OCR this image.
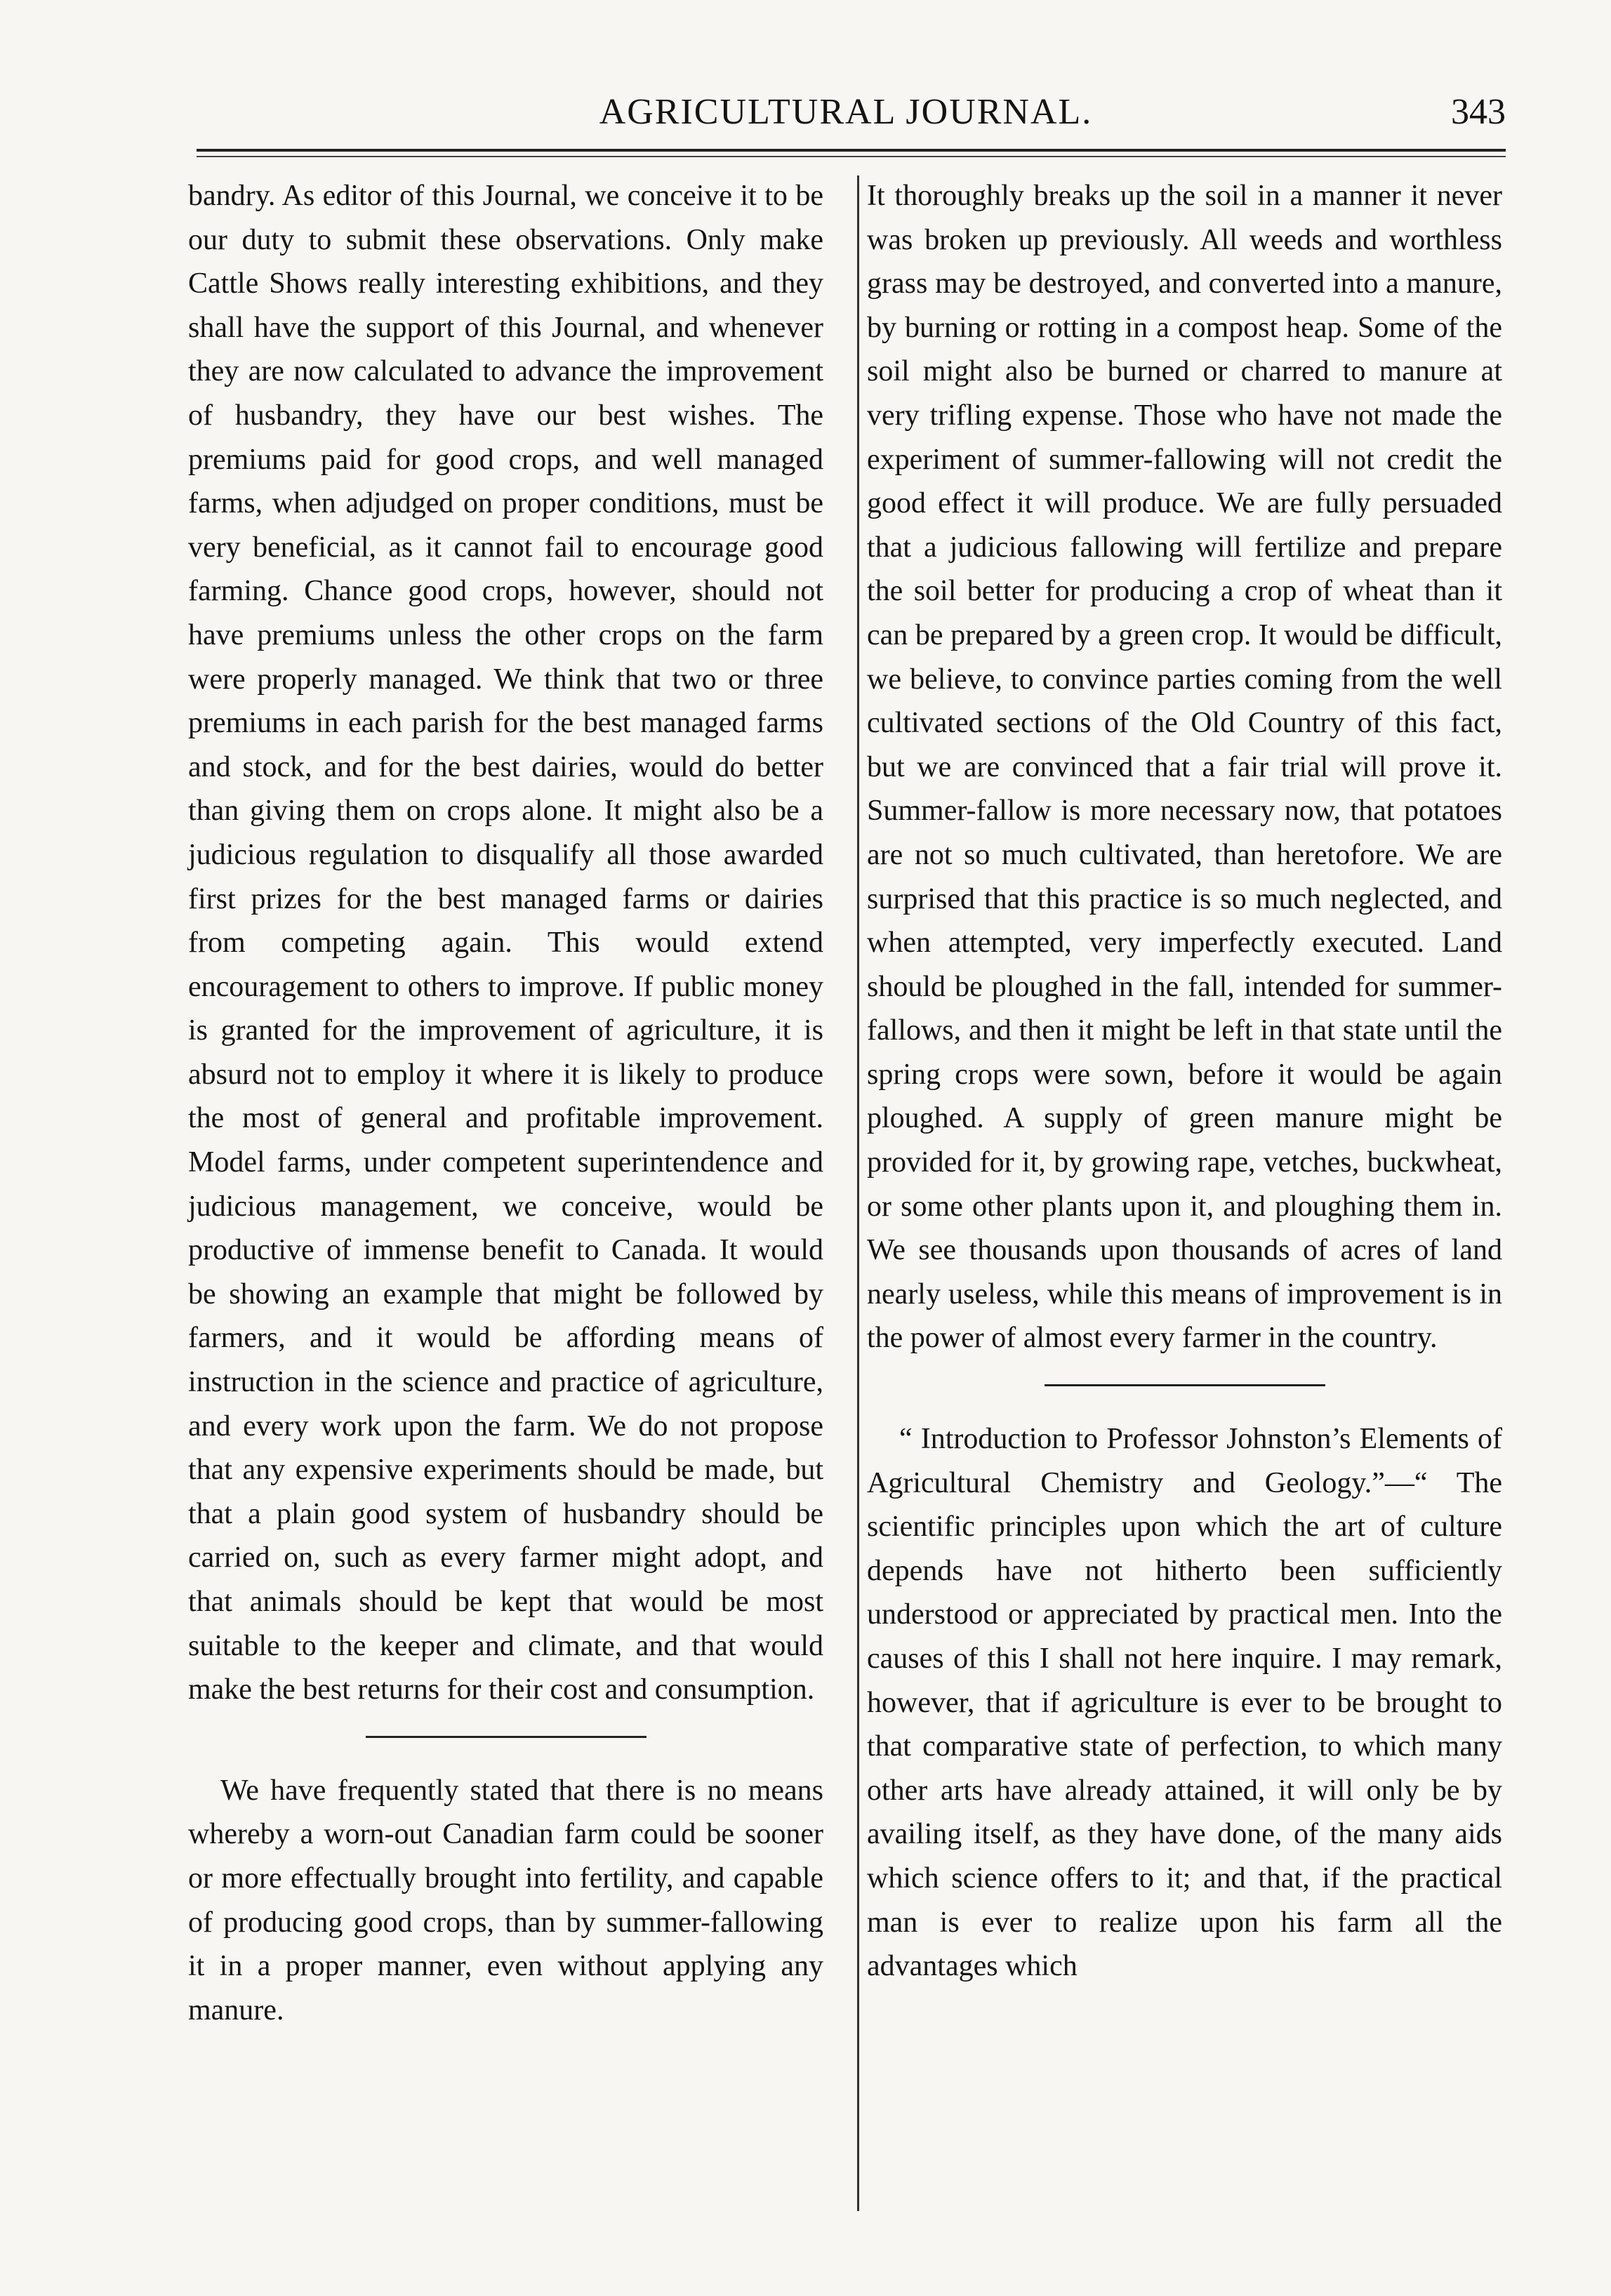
AGRICULTURAL JOURNAL.	343

bandry. As editor of this Journal, we conceive it to be our duty to submit these observations. Only make Cattle Shows really interesting exhibitions, and they shall have the support of this Journal, and whenever they are now calculated to advance the improvement of husbandry, they have our best wishes. The premiums paid for good crops, and well managed farms, when adjudged on proper conditions, must be very beneficial, as it cannot fail to encourage good farming. Chance good crops, however, should not have premiums unless the other crops on the farm were properly managed. We think that two or three premiums in each parish for the best managed farms and stock, and for the best dairies, would do better than giving them on crops alone. It might also be a judicious regulation to disqualify all those awarded first prizes for the best managed farms or dairies from competing again. This would extend encouragement to others to improve. If public money is granted for the improvement of agriculture, it is absurd not to employ it where it is likely to produce the most of general and profitable improvement. Model farms, under competent superintendence and judicious management, we conceive, would be productive of immense benefit to Canada. It would be showing an example that might be followed by farmers, and it would be affording means of instruction in the science and practice of agriculture, and every work upon the farm. We do not propose that any expensive experiments should be made, but that a plain good system of husbandry should be carried on, such as every farmer might adopt, and that animals should be kept that would be most suitable to the keeper and climate, and that would make the best returns for their cost and consumption.

We have frequently stated that there is no means whereby a worn-out Canadian farm could be sooner or more effectually brought into fertility, and capable of producing good crops, than by summer-fallowing it in a proper manner, even without applying any manure.

It thoroughly breaks up the soil in a manner it never was broken up previously. All weeds and worthless grass may be destroyed, and converted into a manure, by burning or rotting in a compost heap. Some of the soil might also be burned or charred to manure at very trifling expense. Those who have not made the experiment of summer-fallowing will not credit the good effect it will produce. We are fully persuaded that a judicious fallowing will fertilize and prepare the soil better for producing a crop of wheat than it can be prepared by a green crop. It would be difficult, we believe, to convince parties coming from the well cultivated sections of the Old Country of this fact, but we are convinced that a fair trial will prove it. Summer-fallow is more necessary now, that potatoes are not so much cultivated, than heretofore. We are surprised that this practice is so much neglected, and when attempted, very imperfectly executed. Land should be ploughed in the fall, intended for summer-fallows, and then it might be left in that state until the spring crops were sown, before it would be again ploughed. A supply of green manure might be provided for it, by growing rape, vetches, buckwheat, or some other plants upon it, and ploughing them in. We see thousands upon thousands of acres of land nearly useless, while this means of improvement is in the power of almost every farmer in the country.

“ Introduction to Professor Johnston’s Elements of Agricultural Chemistry and Geology.”—“ The scientific principles upon which the art of culture depends have not hitherto been sufficiently understood or appreciated by practical men. Into the causes of this I shall not here inquire. I may remark, however, that if agriculture is ever to be brought to that comparative state of perfection, to which many other arts have already attained, it will only be by availing itself, as they have done, of the many aids which science offers to it; and that, if the practical man is ever to realize upon his farm all the advantages which
